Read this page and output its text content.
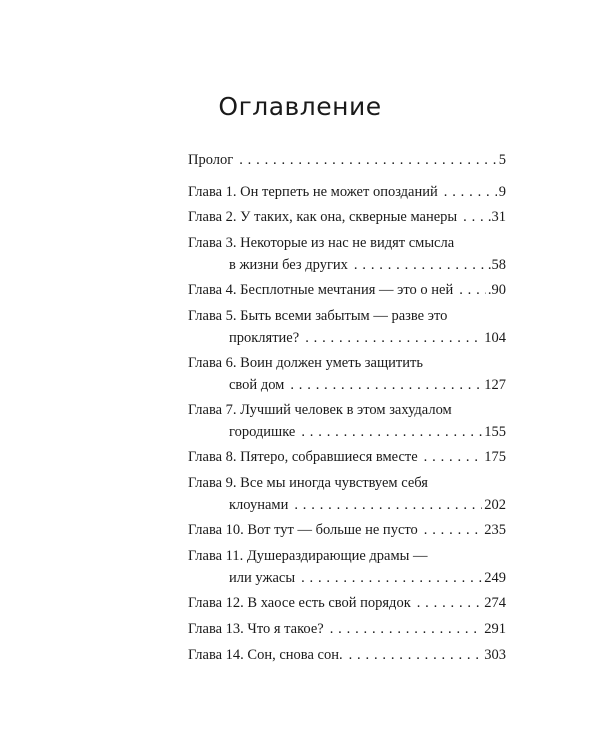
Оглавление
Пролог . . .	5
Глава 1. Он терпеть не может опозданий . . .	9
Глава 2. У таких, как она, скверные манеры . . . .31
Глава 3. Некоторые из нас не видят смысла
в жизни без других . . .	.58
Глава 4. Бесплотные мечтания — это о ней . . . .90
Глава 5. Быть всеми забытым — разве это
проклятие? . . .	104
Глава 6. Воин должен уметь защитить
свой дом . . .	127
Глава 7. Лучший человек в этом захудалом
городишке . . .	155
Глава 8. Пятеро, собравшиеся вместе . . .	175
Глава 9. Все мы иногда чувствуем себя
клоунами . . .	202
Глава 10. Вот тут — больше не пусто . . .	235
Глава 11. Душераздирающие драмы —
или ужасы . . .	249
Глава 12. В хаосе есть свой порядок . . .	274
Глава 13. Что я такое? . . .	291
Глава 14. Сон, снова сон. . . .	303
